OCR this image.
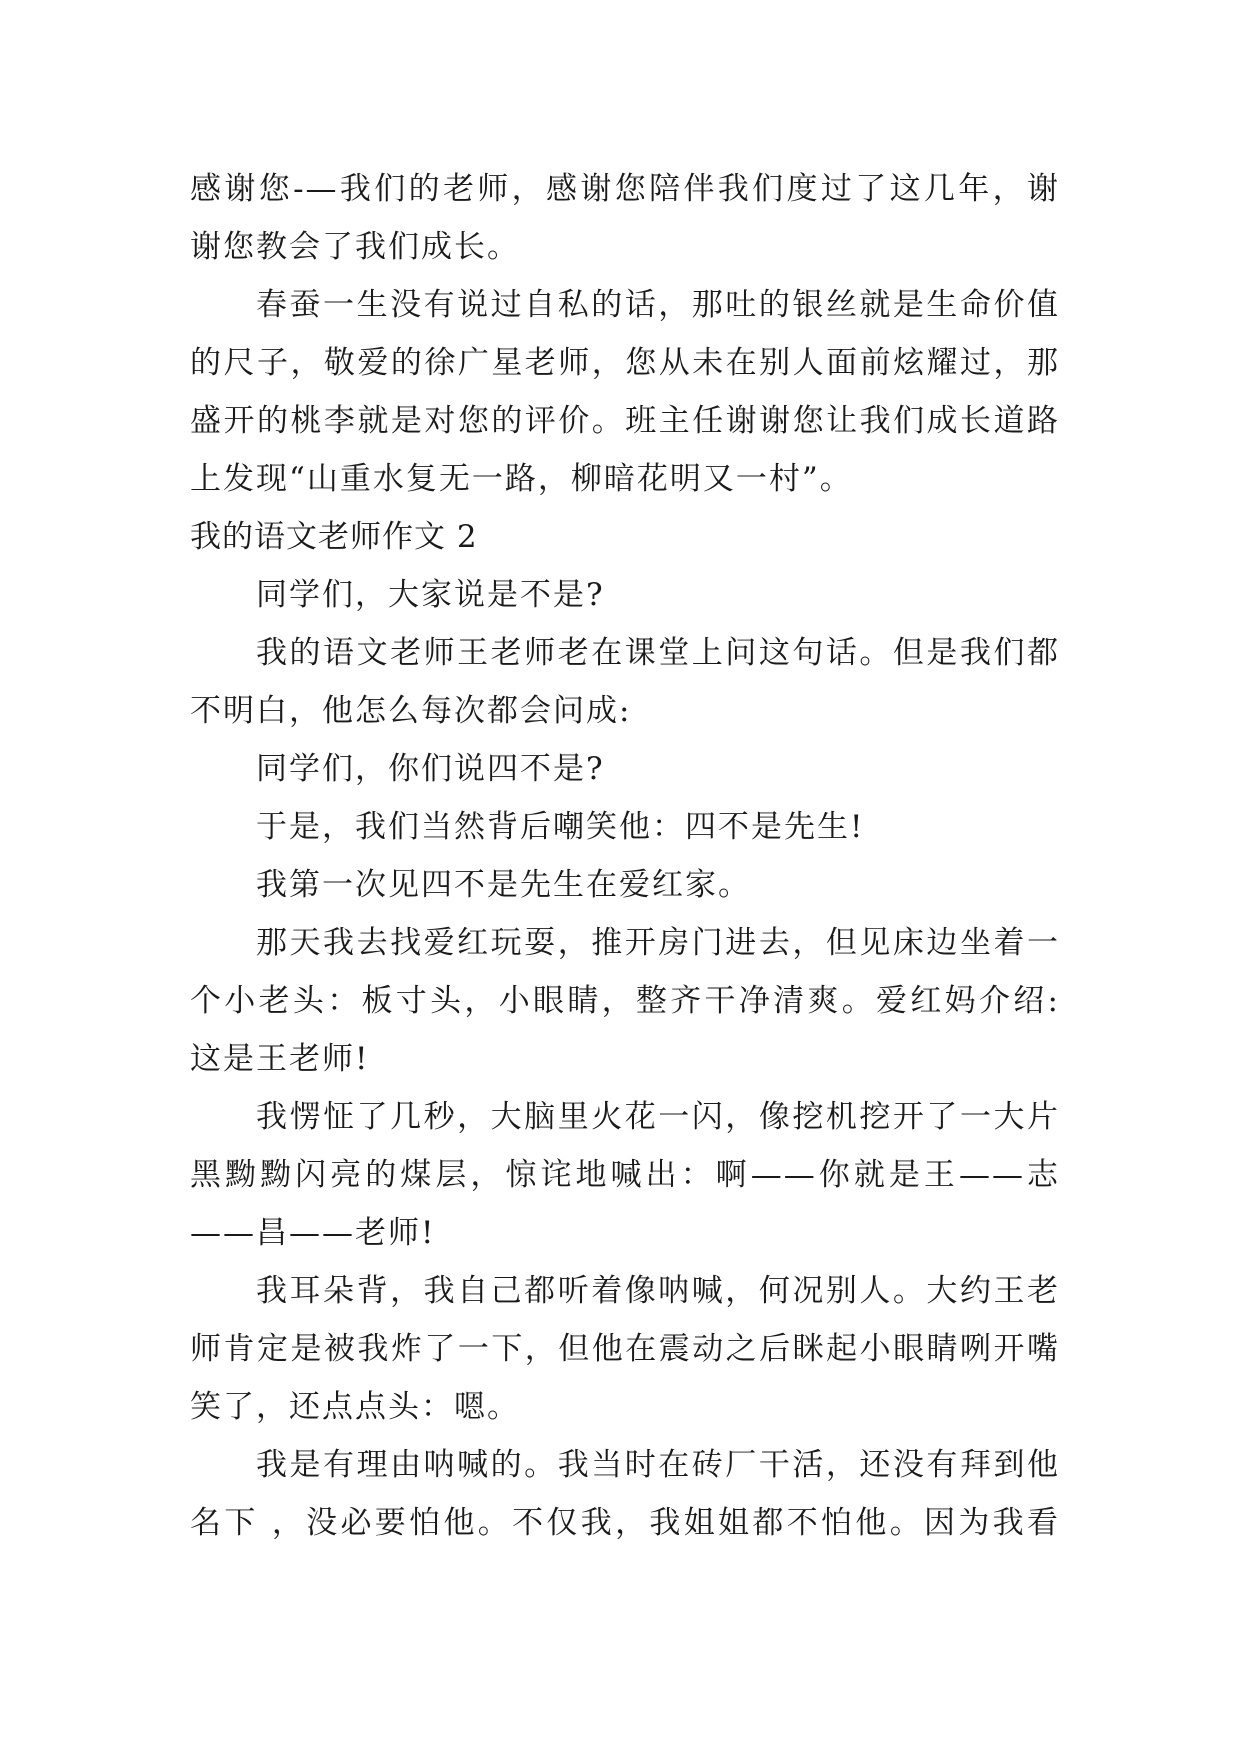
感谢您-—我们的老师，感谢您陪伴我们度过了这几年，谢
谢您教会了我们成长。
春蚕一生没有说过自私的话，那吐的银丝就是生命价值
的尺子，敬爱的徐广星老师，您从未在别人面前炫耀过，那
盛开的桃李就是对您的评价。班主任谢谢您让我们成长道路
上发现“山重水复无一路，柳暗花明又一村”。
我的语文老师作文 2
同学们，大家说是不是?
我的语文老师王老师老在课堂上问这句话。但是我们都
不明白，他怎么每次都会问成:
同学们，你们说四不是?
于是，我们当然背后嘲笑他：四不是先生!
我第一次见四不是先生在爱红家。
那天我去找爱红玩耍，推开房门进去，但见床边坐着一
个小老头：板寸头，小眼睛，整齐干净清爽。爱红妈介绍:
这是王老师!
我愣怔了几秒，大脑里火花一闪，像挖机挖开了一大片
黑黝黝闪亮的煤层，惊诧地喊出：啊——你就是王——志
——昌——老师!
我耳朵背，我自己都听着像呐喊，何况别人。大约王老
师肯定是被我炸了一下，但他在震动之后眯起小眼睛咧开嘴
笑了，还点点头：嗯。
我是有理由呐喊的。我当时在砖厂干活，还没有拜到他
名下 ，没必要怕他。不仅我，我姐姐都不怕他。因为我看
